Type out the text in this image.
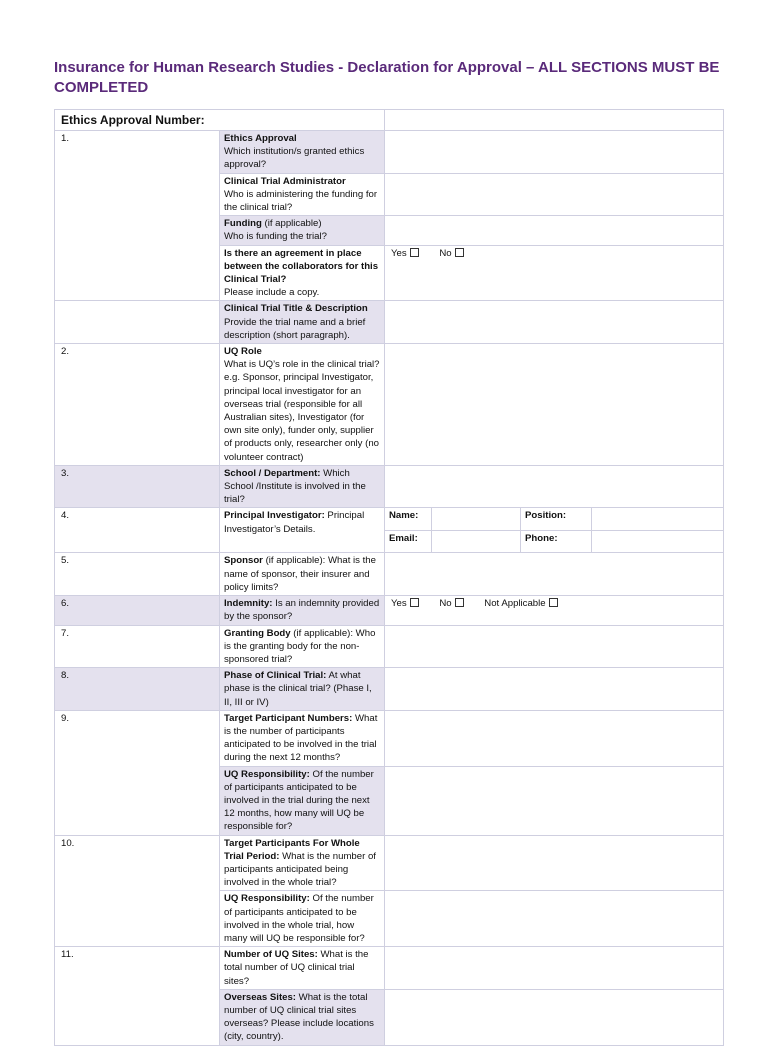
Insurance for Human Research Studies - Declaration for Approval – ALL SECTIONS MUST BE COMPLETED
Ethics Approval Number:	
1.	Ethics Approval
Which institution/s granted ethics approval?	
Clinical Trial Administrator
Who is administering the funding for the clinical trial?	
Funding (if applicable)
Who is funding the trial?	
Is there an agreement in place between the collaborators for this Clinical Trial?
Please include a copy.	Yes	No
	Clinical Trial Title & Description
Provide the trial name and a brief description (short paragraph).	
2.	UQ Role
What is UQ’s role in the clinical trial?
e.g. Sponsor, principal Investigator, principal local investigator for an overseas trial (responsible for all Australian sites), Investigator (for own site only), funder only, supplier of products only, researcher only (no volunteer contract)	
3.	School / Department: Which School /Institute is involved in the trial?	
4.	Principal Investigator: Principal Investigator’s Details.	
Name:		Position:	
Email:		Phone:	

5.	Sponsor (if applicable): What is the name of sponsor, their insurer and policy limits?	
6.	Indemnity: Is an indemnity provided by the sponsor?	Yes	No	Not Applicable
7.	Granting Body (if applicable): Who is the granting body for the non-sponsored trial?	
8.	Phase of Clinical Trial: At what phase is the clinical trial? (Phase I, II, III or IV)	
9.	Target Participant Numbers: What is the number of participants anticipated to be involved in the trial during the next 12 months?	
UQ Responsibility: Of the number of participants anticipated to be involved in the trial during the next 12 months, how many will UQ be responsible for?	
10.	Target Participants For Whole Trial Period: What is the number of participants anticipated being involved in the whole trial?	
UQ Responsibility: Of the number of participants anticipated to be involved in the whole trial, how many will UQ be responsible for?	
11.	Number of UQ Sites: What is the total number of UQ clinical trial sites?	
Overseas Sites: What is the total number of UQ clinical trial sites overseas? Please include locations (city, country).	
